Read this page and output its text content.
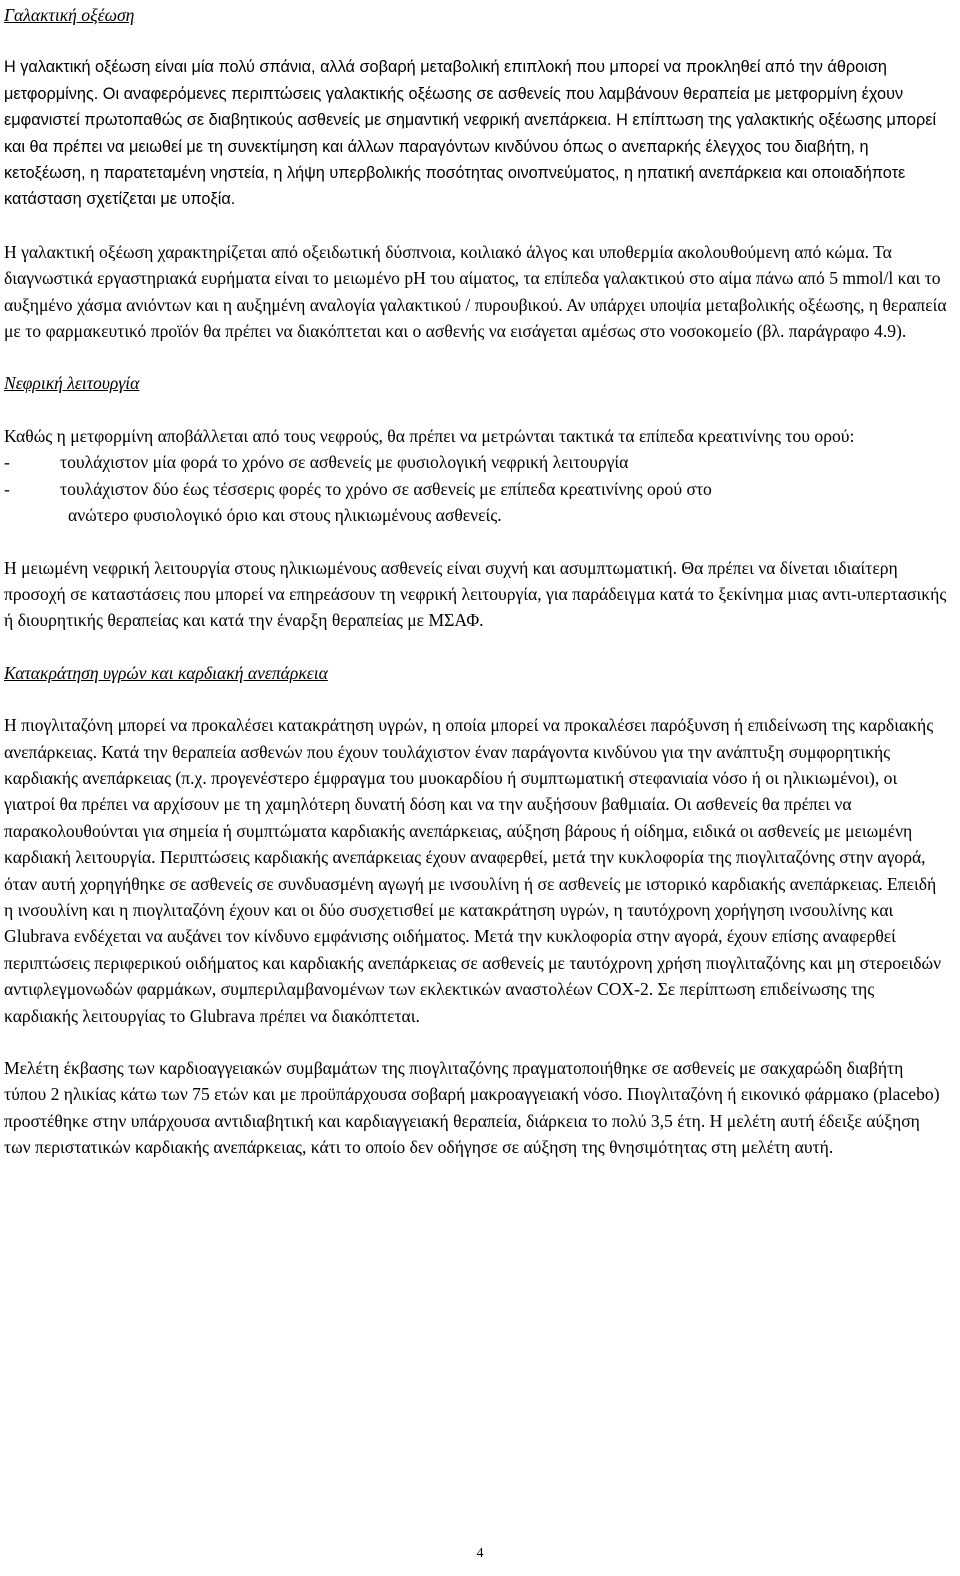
Γαλακτική οξέωση

Η γαλακτική οξέωση είναι μία πολύ σπάνια, αλλά σοβαρή μεταβολική επιπλοκή που μπορεί να προκληθεί από την άθροιση μετφορμίνης. Οι αναφερόμενες περιπτώσεις γαλακτικής οξέωσης σε ασθενείς που λαμβάνουν θεραπεία με μετφορμίνη έχουν εμφανιστεί πρωτοπαθώς σε διαβητικούς ασθενείς με σημαντική νεφρική ανεπάρκεια. Η επίπτωση της γαλακτικής οξέωσης μπορεί και θα πρέπει να μειωθεί με τη συνεκτίμηση και άλλων παραγόντων κινδύνου όπως ο ανεπαρκής έλεγχος του διαβήτη, η κετοξέωση, η παρατεταμένη νηστεία, η λήψη υπερβολικής ποσότητας οινοπνεύματος, η ηπατική ανεπάρκεια και οποιαδήποτε κατάσταση σχετίζεται με υποξία.

Η γαλακτική οξέωση χαρακτηρίζεται από οξειδωτική δύσπνοια, κοιλιακό άλγος και υποθερμία ακολουθούμενη από κώμα. Τα διαγνωστικά εργαστηριακά ευρήματα είναι το μειωμένο pH του αίματος, τα επίπεδα γαλακτικού στο αίμα πάνω από 5 mmol/l και το αυξημένο χάσμα ανιόντων και η αυξημένη αναλογία γαλακτικού / πυρουβικού. Αν υπάρχει υποψία μεταβολικής οξέωσης, η θεραπεία με το φαρμακευτικό προϊόν θα πρέπει να διακόπτεται και ο ασθενής να εισάγεται αμέσως στο νοσοκομείο (βλ. παράγραφο 4.9).

Νεφρική λειτουργία

Καθώς η μετφορμίνη αποβάλλεται από τους νεφρούς, θα πρέπει να μετρώνται τακτικά τα επίπεδα κρεατινίνης του ορού:

-	τουλάχιστον μία φορά το χρόνο σε ασθενείς με φυσιολογική νεφρική λειτουργία
-	τουλάχιστον δύο έως τέσσερις φορές το χρόνο σε ασθενείς με επίπεδα κρεατινίνης ορού στο

ανώτερο φυσιολογικό όριο και στους ηλικιωμένους ασθενείς.

Η μειωμένη νεφρική λειτουργία στους ηλικιωμένους ασθενείς είναι συχνή και ασυμπτωματική. Θα πρέπει να δίνεται ιδιαίτερη προσοχή σε καταστάσεις που μπορεί να επηρεάσουν τη νεφρική λειτουργία, για παράδειγμα κατά το ξεκίνημα μιας αντι-υπερτασικής ή διουρητικής θεραπείας και κατά την έναρξη θεραπείας με ΜΣΑΦ.

Κατακράτηση υγρών και καρδιακή ανεπάρκεια

Η πιογλιταζόνη μπορεί να προκαλέσει κατακράτηση υγρών, η οποία μπορεί να προκαλέσει παρόξυνση ή επιδείνωση της καρδιακής ανεπάρκειας. Κατά την θεραπεία ασθενών που έχουν τουλάχιστον έναν παράγοντα κινδύνου για την ανάπτυξη συμφορητικής καρδιακής ανεπάρκειας (π.χ. προγενέστερο έμφραγμα του μυοκαρδίου ή συμπτωματική στεφανιαία νόσο ή οι ηλικιωμένοι), οι γιατροί θα πρέπει να αρχίσουν με τη χαμηλότερη δυνατή δόση και να την αυξήσουν βαθμιαία. Οι ασθενείς θα πρέπει να παρακολουθούνται για σημεία ή συμπτώματα καρδιακής ανεπάρκειας, αύξηση βάρους ή οίδημα, ειδικά οι ασθενείς με μειωμένη καρδιακή λειτουργία. Περιπτώσεις καρδιακής ανεπάρκειας έχουν αναφερθεί, μετά την κυκλοφορία της πιογλιταζόνης στην αγορά, όταν αυτή χορηγήθηκε σε ασθενείς σε συνδυασμένη αγωγή με ινσουλίνη ή σε ασθενείς με ιστορικό καρδιακής ανεπάρκειας. Επειδή η ινσουλίνη και η πιογλιταζόνη έχουν και οι δύο συσχετισθεί με κατακράτηση υγρών, η ταυτόχρονη χορήγηση ινσουλίνης και Glubrava ενδέχεται να αυξάνει τον κίνδυνο εμφάνισης οιδήματος. Μετά την κυκλοφορία στην αγορά, έχουν επίσης αναφερθεί περιπτώσεις περιφερικού οιδήματος και καρδιακής ανεπάρκειας σε ασθενείς με ταυτόχρονη χρήση πιογλιταζόνης και μη στεροειδών αντιφλεγμονωδών φαρμάκων, συμπεριλαμβανομένων των εκλεκτικών αναστολέων COX-2. Σε περίπτωση επιδείνωσης της καρδιακής λειτουργίας το Glubrava πρέπει να διακόπτεται.

Μελέτη έκβασης των καρδιοαγγειακών συμβαμάτων της πιογλιταζόνης πραγματοποιήθηκε σε ασθενείς με σακχαρώδη διαβήτη τύπου 2 ηλικίας κάτω των 75 ετών και με προϋπάρχουσα σοβαρή μακροαγγειακή νόσο. Πιογλιταζόνη ή εικονικό φάρμακο (placebo) προστέθηκε στην υπάρχουσα αντιδιαβητική και καρδιαγγειακή θεραπεία, διάρκεια το πολύ 3,5 έτη. Η μελέτη αυτή έδειξε αύξηση των περιστατικών καρδιακής ανεπάρκειας, κάτι το οποίο δεν οδήγησε σε αύξηση της θνησιμότητας στη μελέτη αυτή.

4
